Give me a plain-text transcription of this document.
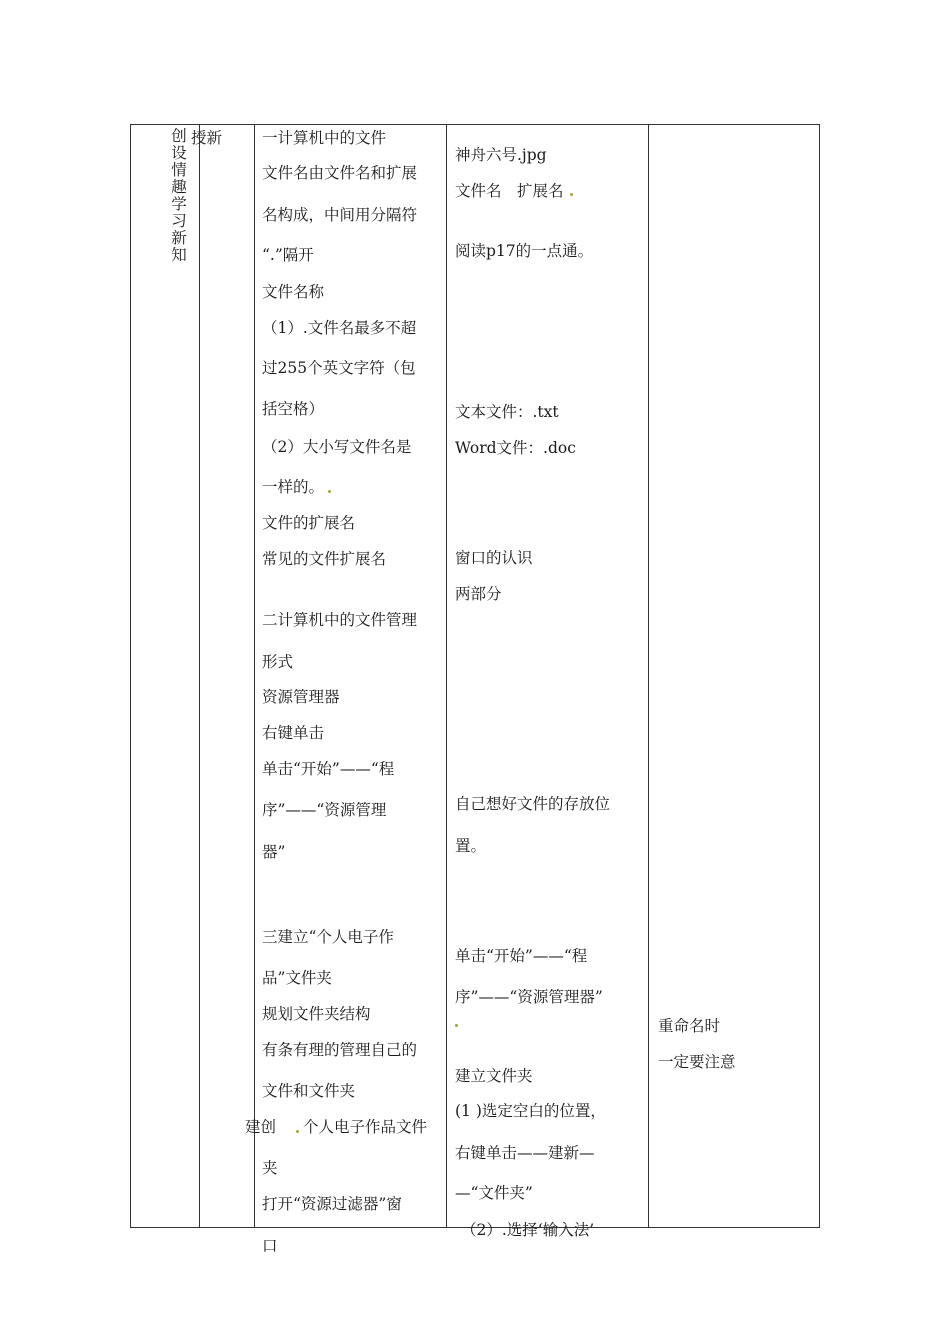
创
设
情
趣
学
习
新
知
授新
建创
一计算机中的文件
文件名由文件名和扩展
名构成，中间用分隔符
“.”隔开
文件名称
（1）.文件名最多不超
过255个英文字符（包
括空格）
（2）大小写文件名是
一样的。
文件的扩展名
常见的文件扩展名
二计算机中的文件管理
形式
资源管理器
右键单击
单击“开始”——“程
序”——“资源管理
器”
三建立“个人电子作
品”文件夹
规划文件夹结构
有条有理的管理自己的
文件和文件夹
个人电子作品文件
夹
打开“资源过滤器”窗
口
神舟六号.jpg
文件名　扩展名
阅读p17的一点通。
文本文件：.txt
Word文件：.doc
窗口的认识
两部分
自己想好文件的存放位
置。
单击“开始”——“程
序”——“资源管理器”
建立文件夹
(1 )选定空白的位置，
右键单击——建新—
—“文件夹”
（2）.选择‘输入法’
重命名时
一定要注意
